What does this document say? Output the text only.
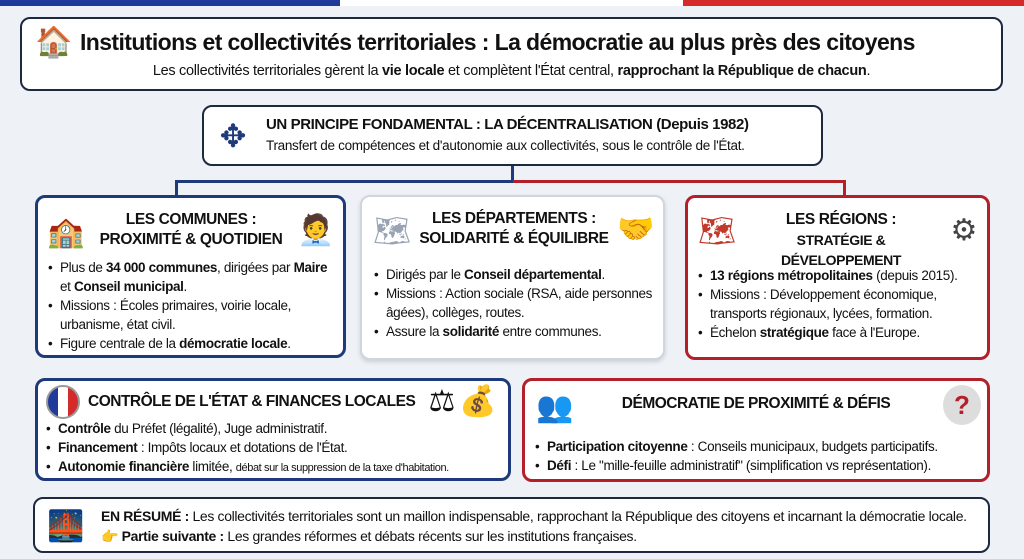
🏠 Institutions et collectivités territoriales : La démocratie au plus près des citoyens
Les collectivités territoriales gèrent la vie locale et complètent l'État central, rapprochant la République de chacun.
✥	UN PRINCIPE FONDAMENTAL : LA DÉCENTRALISATION (Depuis 1982)
Transfert de compétences et d'autonomie aux collectivités, sous le contrôle de l'État.
🏫	🧑‍💼
LES COMMUNES :
PROXIMITÉ & QUOTIDIEN
• Plus de 34 000 communes, dirigées par Maire et Conseil municipal.
• Missions : Écoles primaires, voirie locale, urbanisme, état civil.
• Figure centrale de la démocratie locale.
🗺	🤝
LES DÉPARTEMENTS :
SOLIDARITÉ & ÉQUILIBRE
• Dirigés par le Conseil départemental.
• Missions : Action sociale (RSA, aide personnes âgées), collèges, routes.
• Assure la solidarité entre communes.
🗺	⚙
LES RÉGIONS :
STRATÉGIE & DÉVELOPPEMENT
• 13 régions métropolitaines (depuis 2015).
• Missions : Développement économique, transports régionaux, lycées, formation.
• Échelon stratégique face à l'Europe.
CONTRÔLE DE L'ÉTAT & FINANCES LOCALES ⚖ 💰
• Contrôle du Préfet (légalité), Juge administratif.
• Financement : Impôts locaux et dotations de l'État.
• Autonomie financière limitée, débat sur la suppression de la taxe d'habitation.
👥	DÉMOCRATIE DE PROXIMITÉ & DÉFIS	?
• Participation citoyenne : Conseils municipaux, budgets participatifs.
• Défi : Le "mille-feuille administratif" (simplification vs représentation).
🌉	EN RÉSUMÉ : Les collectivités territoriales sont un maillon indispensable, rapprochant la République des citoyens et incarnant la démocratie locale. 👉 Partie suivante : Les grandes réformes et débats récents sur les institutions françaises.
